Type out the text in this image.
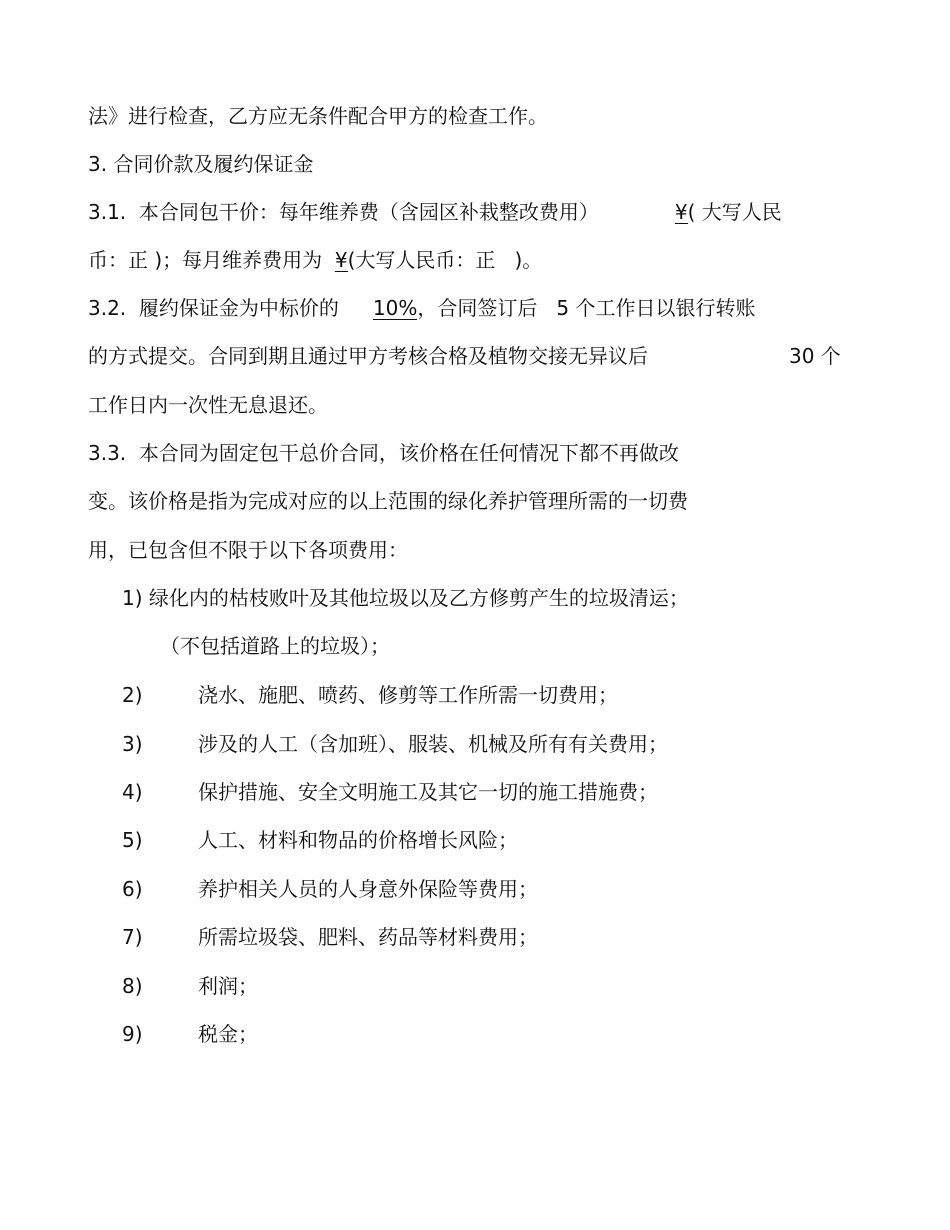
法》进行检查，乙方应无条件配合甲方的检查工作。
3. 合同价款及履约保证金
3.1.  本合同包干价：每年维养费（含园区补栽整改费用）	¥( 大写人民
币：正 )；每月维养费用为  ¥(大写人民币：正   )。
3.2.  履约保证金为中标价的 10%，合同签订后   5 个工作日以银行转账
的方式提交。合同到期且通过甲方考核合格及植物交接无异议后	30 个
工作日内一次性无息退还。
3.3.  本合同为固定包干总价合同，该价格在任何情况下都不再做改
变。该价格是指为完成对应的以上范围的绿化养护管理所需的一切费
用，已包含但不限于以下各项费用：
1) 绿化内的枯枝败叶及其他垃圾以及乙方修剪产生的垃圾清运；
（不包括道路上的垃圾）；
2)	浇水、施肥、喷药、修剪等工作所需一切费用；
3)	涉及的人工（含加班）、服装、机械及所有有关费用；
4)	保护措施、安全文明施工及其它一切的施工措施费；
5)	人工、材料和物品的价格增长风险；
6)	养护相关人员的人身意外保险等费用；
7)	所需垃圾袋、肥料、药品等材料费用；
8)	利润；
9)	税金；
